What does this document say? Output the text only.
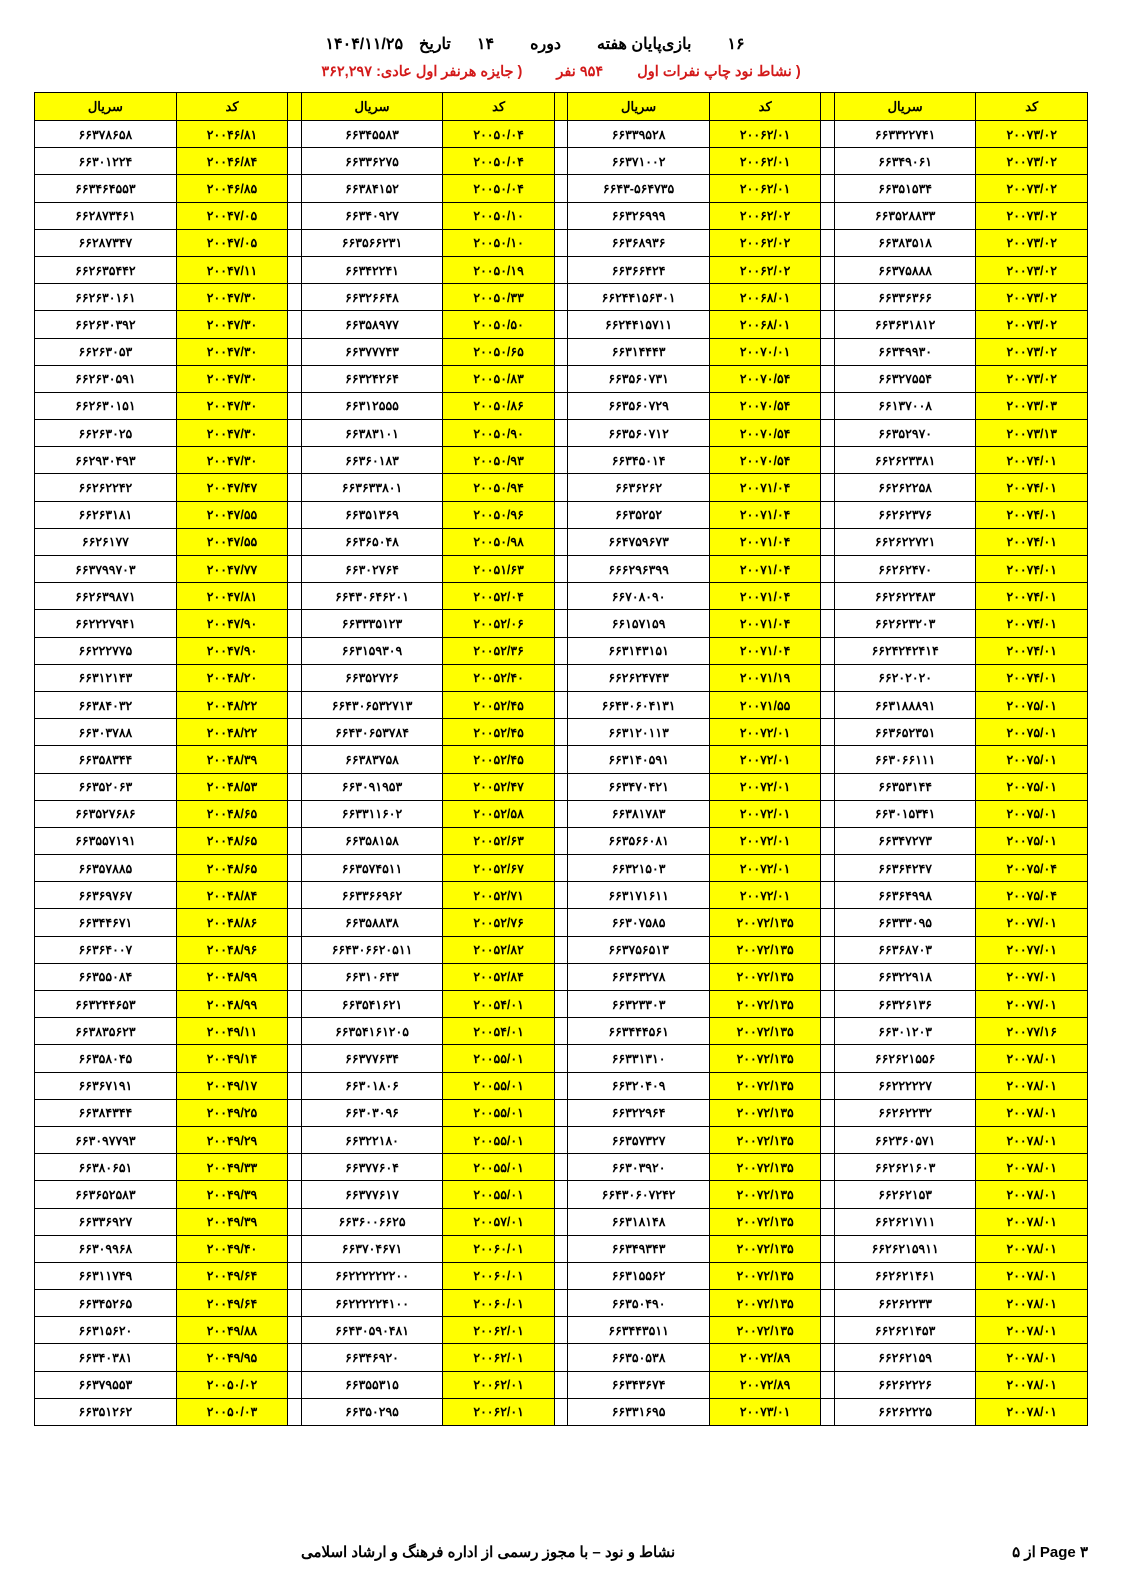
۱۶
بازی‌پایان هفته
دوره
۱۴
تاریخ
۱۴۰۴/۱۱/۲۵
( نشاط نود چاپ نفرات اول  ۹۵۴ نفر  ( جایزه هرنفر اول عادی: ۳۶۲,۲۹۷
کد	سریال		کد	سریال		کد	سریال		کد	سریال
۲۰۰۷۳/۰۲	۶۶۳۳۲۲۷۴۱		۲۰۰۶۲/۰۱	۶۶۳۳۹۵۲۸		۲۰۰۵۰/۰۴	۶۶۳۴۵۵۸۳		۲۰۰۴۶/۸۱	۶۶۳۷۸۶۵۸
۲۰۰۷۳/۰۲	۶۶۳۴۹۰۶۱		۲۰۰۶۲/۰۱	۶۶۳۷۱۰۰۲		۲۰۰۵۰/۰۴	۶۶۳۳۶۲۷۵		۲۰۰۴۶/۸۴	۶۶۳۰۱۲۲۴
۲۰۰۷۳/۰۲	۶۶۳۵۱۵۳۴		۲۰۰۶۲/۰۱	۶۶۴۳-۵۶۴۷۳۵		۲۰۰۵۰/۰۴	۶۶۳۸۴۱۵۲		۲۰۰۴۶/۸۵	۶۶۳۴۶۴۵۵۳
۲۰۰۷۳/۰۲	۶۶۳۵۲۸۸۳۳		۲۰۰۶۲/۰۲	۶۶۳۲۶۹۹۹		۲۰۰۵۰/۱۰	۶۶۳۴۰۹۲۷		۲۰۰۴۷/۰۵	۶۶۲۸۷۳۴۶۱
۲۰۰۷۳/۰۲	۶۶۳۸۳۵۱۸		۲۰۰۶۲/۰۲	۶۶۳۶۸۹۳۶		۲۰۰۵۰/۱۰	۶۶۳۵۶۶۲۳۱		۲۰۰۴۷/۰۵	۶۶۲۸۷۳۴۷
۲۰۰۷۳/۰۲	۶۶۳۷۵۸۸۸		۲۰۰۶۲/۰۲	۶۶۳۶۶۴۲۴		۲۰۰۵۰/۱۹	۶۶۳۴۲۲۴۱		۲۰۰۴۷/۱۱	۶۶۲۶۳۵۴۴۲
۲۰۰۷۳/۰۲	۶۶۳۳۶۳۶۶		۲۰۰۶۸/۰۱	۶۶۲۴۴۱۵۶۳۰۱		۲۰۰۵۰/۳۳	۶۶۳۲۶۶۴۸		۲۰۰۴۷/۳۰	۶۶۲۶۳۰۱۶۱
۲۰۰۷۳/۰۲	۶۶۳۶۳۱۸۱۲		۲۰۰۶۸/۰۱	۶۶۲۴۴۱۵۷۱۱		۲۰۰۵۰/۵۰	۶۶۳۵۸۹۷۷		۲۰۰۴۷/۳۰	۶۶۲۶۳۰۳۹۲
۲۰۰۷۳/۰۲	۶۶۳۴۹۹۳۰		۲۰۰۷۰/۰۱	۶۶۳۱۴۴۴۳		۲۰۰۵۰/۶۵	۶۶۳۷۷۷۴۳		۲۰۰۴۷/۳۰	۶۶۲۶۳۰۵۳
۲۰۰۷۳/۰۲	۶۶۳۲۷۵۵۴		۲۰۰۷۰/۵۴	۶۶۳۵۶۰۷۳۱		۲۰۰۵۰/۸۳	۶۶۳۲۴۲۶۴		۲۰۰۴۷/۳۰	۶۶۲۶۳۰۵۹۱
۲۰۰۷۳/۰۳	۶۶۱۳۷۰۰۸		۲۰۰۷۰/۵۴	۶۶۳۵۶۰۷۲۹		۲۰۰۵۰/۸۶	۶۶۳۱۲۵۵۵		۲۰۰۴۷/۳۰	۶۶۲۶۳۰۱۵۱
۲۰۰۷۳/۱۳	۶۶۳۵۲۹۷۰		۲۰۰۷۰/۵۴	۶۶۳۵۶۰۷۱۲		۲۰۰۵۰/۹۰	۶۶۳۸۳۱۰۱		۲۰۰۴۷/۳۰	۶۶۲۶۳۰۲۵
۲۰۰۷۴/۰۱	۶۶۲۶۲۳۳۸۱		۲۰۰۷۰/۵۴	۶۶۳۴۵۰۱۴		۲۰۰۵۰/۹۳	۶۶۳۶۰۱۸۳		۲۰۰۴۷/۳۰	۶۶۲۹۳۰۴۹۳
۲۰۰۷۴/۰۱	۶۶۲۶۲۲۵۸		۲۰۰۷۱/۰۴	۶۶۳۶۲۶۲		۲۰۰۵۰/۹۴	۶۶۳۶۳۳۸۰۱		۲۰۰۴۷/۴۷	۶۶۲۶۲۲۴۲
۲۰۰۷۴/۰۱	۶۶۲۶۲۳۷۶		۲۰۰۷۱/۰۴	۶۶۳۵۲۵۲		۲۰۰۵۰/۹۶	۶۶۳۵۱۳۶۹		۲۰۰۴۷/۵۵	۶۶۲۶۳۱۸۱
۲۰۰۷۴/۰۱	۶۶۲۶۲۲۷۲۱		۲۰۰۷۱/۰۴	۶۶۴۷۵۹۶۷۳		۲۰۰۵۰/۹۸	۶۶۳۶۵۰۴۸		۲۰۰۴۷/۵۵	۶۶۲۶۱۷۷
۲۰۰۷۴/۰۱	۶۶۲۶۲۴۷۰		۲۰۰۷۱/۰۴	۶۶۶۲۹۶۳۹۹		۲۰۰۵۱/۶۳	۶۶۳۰۲۷۶۴		۲۰۰۴۷/۷۷	۶۶۳۷۹۹۷۰۳
۲۰۰۷۴/۰۱	۶۶۲۶۲۲۴۸۳		۲۰۰۷۱/۰۴	۶۶۷۰۸۰۹۰		۲۰۰۵۲/۰۴	۶۶۴۳۰۶۴۶۲۰۱		۲۰۰۴۷/۸۱	۶۶۲۶۳۹۸۷۱
۲۰۰۷۴/۰۱	۶۶۲۶۲۳۲۰۳		۲۰۰۷۱/۰۴	۶۶۱۵۷۱۵۹		۲۰۰۵۲/۰۶	۶۶۳۳۳۵۱۲۳		۲۰۰۴۷/۹۰	۶۶۲۲۲۷۹۴۱
۲۰۰۷۴/۰۱	۶۶۲۴۲۴۲۴۱۴		۲۰۰۷۱/۰۴	۶۶۳۱۴۳۱۵۱		۲۰۰۵۲/۳۶	۶۶۳۱۵۹۳۰۹		۲۰۰۴۷/۹۰	۶۶۲۲۲۷۷۵
۲۰۰۷۴/۰۱	۶۶۲۰۲۰۲۰		۲۰۰۷۱/۱۹	۶۶۲۶۲۴۷۴۳		۲۰۰۵۲/۴۰	۶۶۳۵۲۷۲۶		۲۰۰۴۸/۲۰	۶۶۳۱۲۱۴۳
۲۰۰۷۵/۰۱	۶۶۳۱۸۸۸۹۱		۲۰۰۷۱/۵۵	۶۶۴۳۰۶۰۴۱۳۱		۲۰۰۵۲/۴۵	۶۶۴۳۰۶۵۳۲۷۱۳		۲۰۰۴۸/۲۲	۶۶۳۸۴۰۳۲
۲۰۰۷۵/۰۱	۶۶۳۶۵۲۳۵۱		۲۰۰۷۲/۰۱	۶۶۳۱۲۰۱۱۳		۲۰۰۵۲/۴۵	۶۶۴۳۰۶۵۳۷۸۴		۲۰۰۴۸/۲۲	۶۶۳۰۳۷۸۸
۲۰۰۷۵/۰۱	۶۶۳۰۶۶۱۱۱		۲۰۰۷۲/۰۱	۶۶۳۱۴۰۵۹۱		۲۰۰۵۲/۴۵	۶۶۳۸۳۷۵۸		۲۰۰۴۸/۳۹	۶۶۳۵۸۳۴۴
۲۰۰۷۵/۰۱	۶۶۳۵۳۱۴۴		۲۰۰۷۲/۰۱	۶۶۳۴۷۰۴۲۱		۲۰۰۵۲/۴۷	۶۶۳۰۹۱۹۵۳		۲۰۰۴۸/۵۳	۶۶۳۵۲۰۶۳
۲۰۰۷۵/۰۱	۶۶۳۰۱۵۳۴۱		۲۰۰۷۲/۰۱	۶۶۳۸۱۷۸۳		۲۰۰۵۲/۵۸	۶۶۳۳۱۱۶۰۲		۲۰۰۴۸/۶۵	۶۶۳۵۲۷۶۸۶
۲۰۰۷۵/۰۱	۶۶۳۴۷۲۷۳		۲۰۰۷۲/۰۱	۶۶۳۵۶۶۰۸۱		۲۰۰۵۲/۶۳	۶۶۳۵۸۱۵۸		۲۰۰۴۸/۶۵	۶۶۳۵۵۷۱۹۱
۲۰۰۷۵/۰۴	۶۶۳۶۴۲۴۷		۲۰۰۷۲/۰۱	۶۶۳۲۱۵۰۳		۲۰۰۵۲/۶۷	۶۶۳۵۷۴۵۱۱		۲۰۰۴۸/۶۵	۶۶۳۵۷۸۸۵
۲۰۰۷۵/۰۴	۶۶۳۶۴۹۹۸		۲۰۰۷۲/۰۱	۶۶۳۱۷۱۶۱۱		۲۰۰۵۲/۷۱	۶۶۳۳۶۶۹۶۲		۲۰۰۴۸/۸۴	۶۶۳۶۹۷۶۷
۲۰۰۷۷/۰۱	۶۶۳۳۳۰۹۵		۲۰۰۷۲/۱۳۵	۶۶۳۰۷۵۸۵		۲۰۰۵۲/۷۶	۶۶۳۵۸۸۳۸		۲۰۰۴۸/۸۶	۶۶۳۴۴۶۷۱
۲۰۰۷۷/۰۱	۶۶۳۶۸۷۰۳		۲۰۰۷۲/۱۳۵	۶۶۳۷۵۶۵۱۳		۲۰۰۵۲/۸۲	۶۶۴۳۰۶۶۲۰۵۱۱		۲۰۰۴۸/۹۶	۶۶۳۶۴۰۰۷
۲۰۰۷۷/۰۱	۶۶۳۲۲۹۱۸		۲۰۰۷۲/۱۳۵	۶۶۳۶۳۲۷۸		۲۰۰۵۲/۸۴	۶۶۳۱۰۶۴۳		۲۰۰۴۸/۹۹	۶۶۳۵۵۰۸۴
۲۰۰۷۷/۰۱	۶۶۳۲۶۱۳۶		۲۰۰۷۲/۱۳۵	۶۶۳۲۳۳۰۳		۲۰۰۵۴/۰۱	۶۶۳۵۴۱۶۲۱		۲۰۰۴۸/۹۹	۶۶۳۲۴۴۶۵۳
۲۰۰۷۷/۱۶	۶۶۳۰۱۲۰۳		۲۰۰۷۲/۱۳۵	۶۶۳۴۴۴۵۶۱		۲۰۰۵۴/۰۱	۶۶۳۵۴۱۶۱۲۰۵		۲۰۰۴۹/۱۱	۶۶۳۸۳۵۶۲۳
۲۰۰۷۸/۰۱	۶۶۲۶۲۱۵۵۶		۲۰۰۷۲/۱۳۵	۶۶۳۳۱۳۱۰		۲۰۰۵۵/۰۱	۶۶۳۷۷۶۳۴		۲۰۰۴۹/۱۴	۶۶۳۵۸۰۴۵
۲۰۰۷۸/۰۱	۶۶۲۲۲۲۲۷		۲۰۰۷۲/۱۳۵	۶۶۳۲۰۴۰۹		۲۰۰۵۵/۰۱	۶۶۳۰۱۸۰۶		۲۰۰۴۹/۱۷	۶۶۳۶۷۱۹۱
۲۰۰۷۸/۰۱	۶۶۲۶۲۲۳۲		۲۰۰۷۲/۱۳۵	۶۶۳۲۲۹۶۴		۲۰۰۵۵/۰۱	۶۶۳۰۳۰۹۶		۲۰۰۴۹/۲۵	۶۶۳۸۴۳۴۴
۲۰۰۷۸/۰۱	۶۶۲۳۶۰۵۷۱		۲۰۰۷۲/۱۳۵	۶۶۳۵۷۳۲۷		۲۰۰۵۵/۰۱	۶۶۳۲۲۱۸۰		۲۰۰۴۹/۲۹	۶۶۳۰۹۷۷۹۳
۲۰۰۷۸/۰۱	۶۶۲۶۲۱۶۰۳		۲۰۰۷۲/۱۳۵	۶۶۳۰۳۹۲۰		۲۰۰۵۵/۰۱	۶۶۳۷۷۶۰۴		۲۰۰۴۹/۳۳	۶۶۳۸۰۶۵۱
۲۰۰۷۸/۰۱	۶۶۲۶۲۱۵۳		۲۰۰۷۲/۱۳۵	۶۶۴۳۰۶۰۷۲۴۲		۲۰۰۵۵/۰۱	۶۶۳۷۷۶۱۷		۲۰۰۴۹/۳۹	۶۶۳۶۵۲۵۸۳
۲۰۰۷۸/۰۱	۶۶۲۶۲۱۷۱۱		۲۰۰۷۲/۱۳۵	۶۶۳۱۸۱۴۸		۲۰۰۵۷/۰۱	۶۶۳۶۰۰۶۶۲۵		۲۰۰۴۹/۳۹	۶۶۳۳۶۹۲۷
۲۰۰۷۸/۰۱	۶۶۲۶۲۱۵۹۱۱		۲۰۰۷۲/۱۳۵	۶۶۳۴۹۳۴۳		۲۰۰۶۰/۰۱	۶۶۳۷۰۴۶۷۱		۲۰۰۴۹/۴۰	۶۶۳۰۹۹۶۸
۲۰۰۷۸/۰۱	۶۶۲۶۲۱۴۶۱		۲۰۰۷۲/۱۳۵	۶۶۳۱۵۵۶۲		۲۰۰۶۰/۰۱	۶۶۲۲۲۲۲۲۲۰۰		۲۰۰۴۹/۶۴	۶۶۳۱۱۷۴۹
۲۰۰۷۸/۰۱	۶۶۲۶۲۲۳۳		۲۰۰۷۲/۱۳۵	۶۶۳۵۰۴۹۰		۲۰۰۶۰/۰۱	۶۶۲۲۲۲۲۴۱۰۰		۲۰۰۴۹/۶۴	۶۶۳۴۵۲۶۵
۲۰۰۷۸/۰۱	۶۶۲۶۲۱۴۵۳		۲۰۰۷۲/۱۳۵	۶۶۳۴۴۳۵۱۱		۲۰۰۶۲/۰۱	۶۶۴۳۰۵۹۰۴۸۱		۲۰۰۴۹/۸۸	۶۶۳۱۵۶۲۰
۲۰۰۷۸/۰۱	۶۶۲۶۲۱۵۹		۲۰۰۷۲/۸۹	۶۶۳۵۰۵۳۸		۲۰۰۶۲/۰۱	۶۶۳۴۶۹۲۰		۲۰۰۴۹/۹۵	۶۶۳۴۰۳۸۱
۲۰۰۷۸/۰۱	۶۶۲۶۲۲۲۶		۲۰۰۷۲/۸۹	۶۶۳۴۳۶۷۴		۲۰۰۶۲/۰۱	۶۶۳۵۵۳۱۵		۲۰۰۵۰/۰۲	۶۶۳۷۹۵۵۳
۲۰۰۷۸/۰۱	۶۶۲۶۲۲۲۵		۲۰۰۷۳/۰۱	۶۶۳۳۱۶۹۵		۲۰۰۶۲/۰۱	۶۶۳۵۰۲۹۵		۲۰۰۵۰/۰۳	۶۶۳۵۱۲۶۲
نشاط و نود – با مجوز رسمی از اداره فرهنگ و ارشاد اسلامی	Page ۳ از ۵
